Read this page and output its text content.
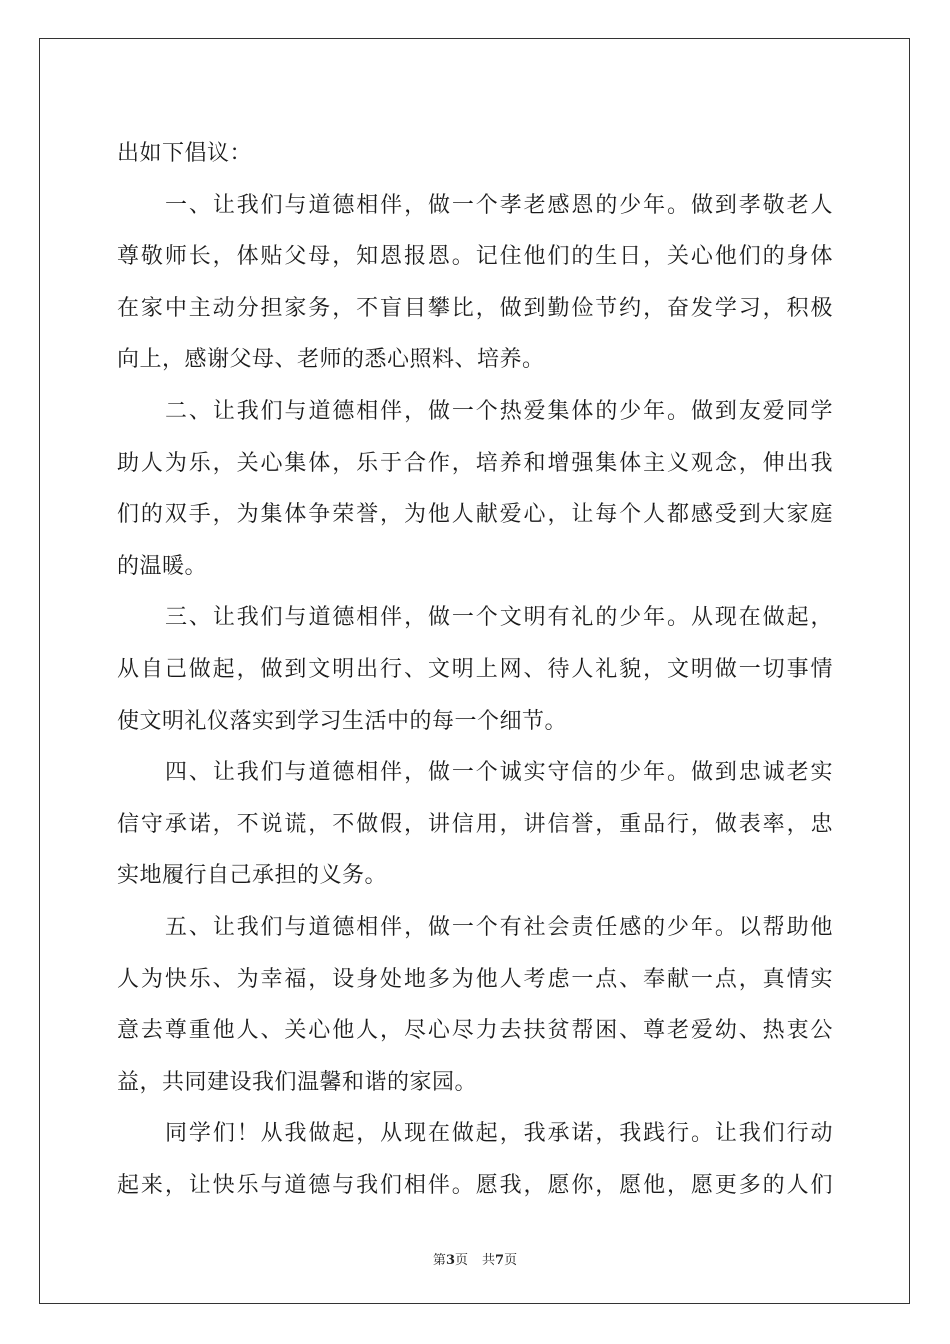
出如下倡议：
一、让我们与道德相伴，做一个孝老感恩的少年。做到孝敬老人
尊敬师长，体贴父母，知恩报恩。记住他们的生日，关心他们的身体
在家中主动分担家务，不盲目攀比，做到勤俭节约，奋发学习，积极
向上，感谢父母、老师的悉心照料、培养。
二、让我们与道德相伴，做一个热爱集体的少年。做到友爱同学
助人为乐，关心集体，乐于合作，培养和增强集体主义观念，伸出我
们的双手，为集体争荣誉，为他人献爱心，让每个人都感受到大家庭
的温暖。
三、让我们与道德相伴，做一个文明有礼的少年。从现在做起，
从自己做起，做到文明出行、文明上网、待人礼貌，文明做一切事情
使文明礼仪落实到学习生活中的每一个细节。
四、让我们与道德相伴，做一个诚实守信的少年。做到忠诚老实
信守承诺，不说谎，不做假，讲信用，讲信誉，重品行，做表率，忠
实地履行自己承担的义务。
五、让我们与道德相伴，做一个有社会责任感的少年。以帮助他
人为快乐、为幸福，设身处地多为他人考虑一点、奉献一点，真情实
意去尊重他人、关心他人，尽心尽力去扶贫帮困、尊老爱幼、热衷公
益，共同建设我们温馨和谐的家园。
同学们！从我做起，从现在做起，我承诺，我践行。让我们行动
起来，让快乐与道德与我们相伴。愿我，愿你，愿他，愿更多的人们
第3页 共7页
